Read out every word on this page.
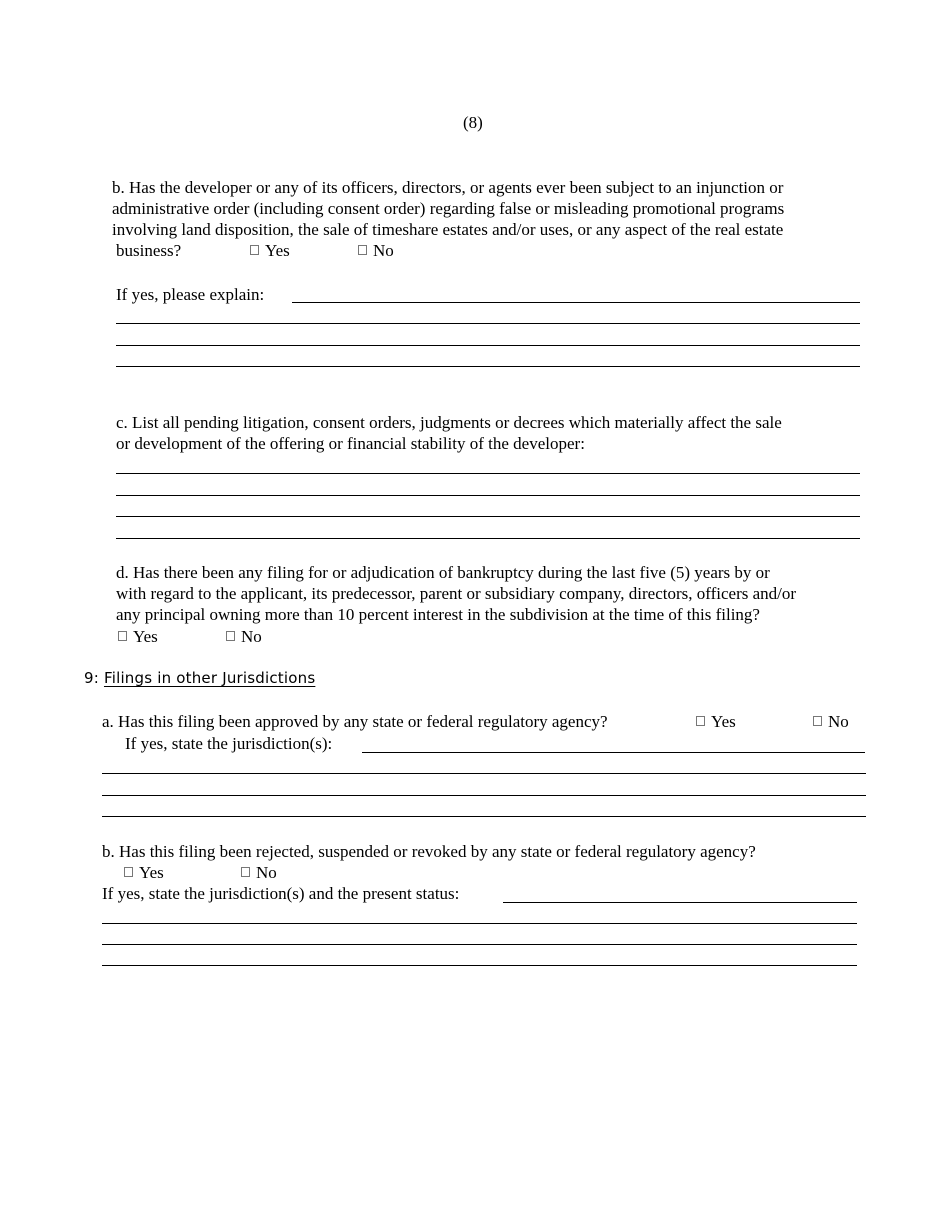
(8)
b. Has the developer or any of its officers, directors, or agents ever been subject to an injunction or
administrative order (including consent order) regarding false or misleading promotional programs
involving land disposition, the sale of timeshare estates and/or uses, or any aspect of the real estate
business?	Yes	No
If yes, please explain:
c. List all pending litigation, consent orders, judgments or decrees which materially affect the sale
or development of the offering or financial stability of the developer:
d. Has there been any filing for or adjudication of bankruptcy during the last five (5) years by or
with regard to the applicant, its predecessor, parent or subsidiary company, directors, officers and/or
any principal owning more than 10 percent interest in the subdivision at the time of this filing?
Yes	No
9: Filings in other Jurisdictions
a. Has this filing been approved by any state or federal regulatory agency?	Yes	No
If yes, state the jurisdiction(s):
b. Has this filing been rejected, suspended or revoked by any state or federal regulatory agency?
Yes	No
If yes, state the jurisdiction(s) and the present status:
